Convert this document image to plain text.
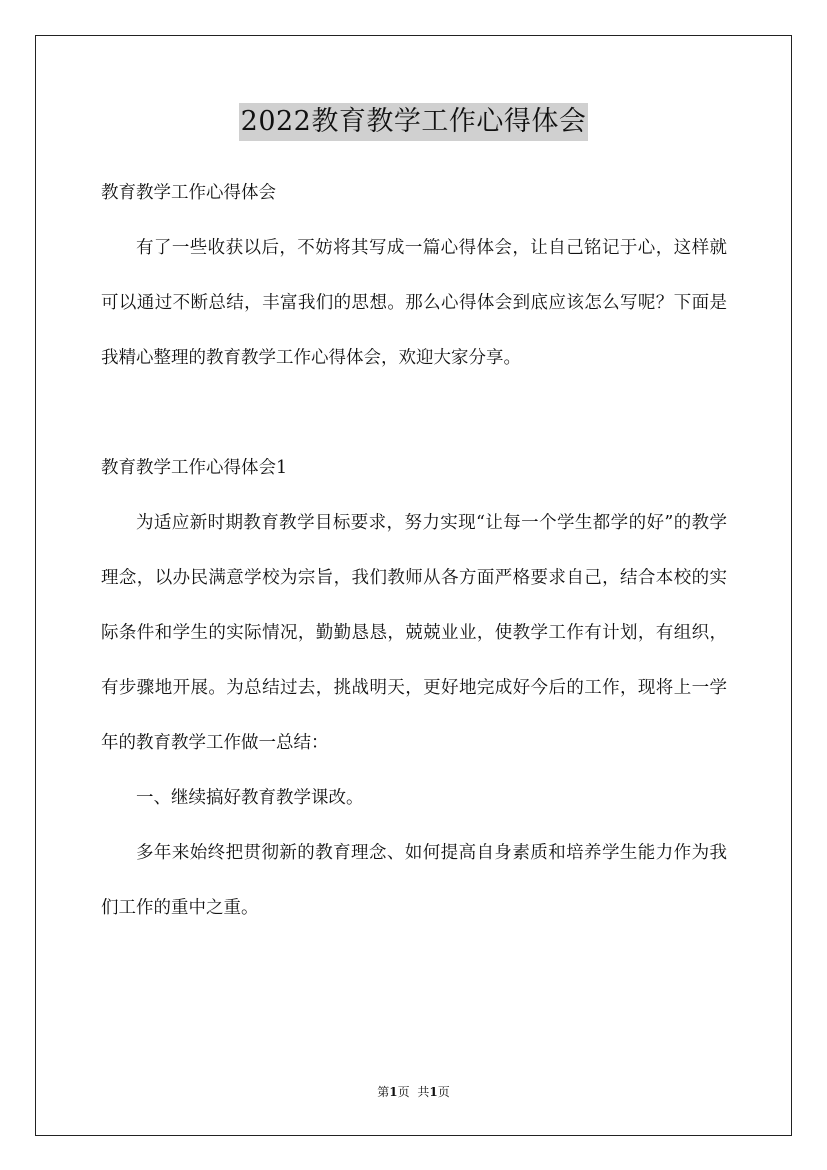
2022教育教学工作心得体会

教育教学工作心得体会

有了一些收获以后，不妨将其写成一篇心得体会，让自己铭记于心，这样就可以通过不断总结，丰富我们的思想。那么心得体会到底应该怎么写呢？下面是我精心整理的教育教学工作心得体会，欢迎大家分享。

教育教学工作心得体会1

为适应新时期教育教学目标要求，努力实现“让每一个学生都学的好”的教学理念，以办民满意学校为宗旨，我们教师从各方面严格要求自己，结合本校的实际条件和学生的实际情况，勤勤恳恳，兢兢业业，使教学工作有计划，有组织，有步骤地开展。为总结过去，挑战明天，更好地完成好今后的工作，现将上一学年的教育教学工作做一总结：

一、继续搞好教育教学课改。

多年来始终把贯彻新的教育理念、如何提高自身素质和培养学生能力作为我们工作的重中之重。

第1页 共1页
